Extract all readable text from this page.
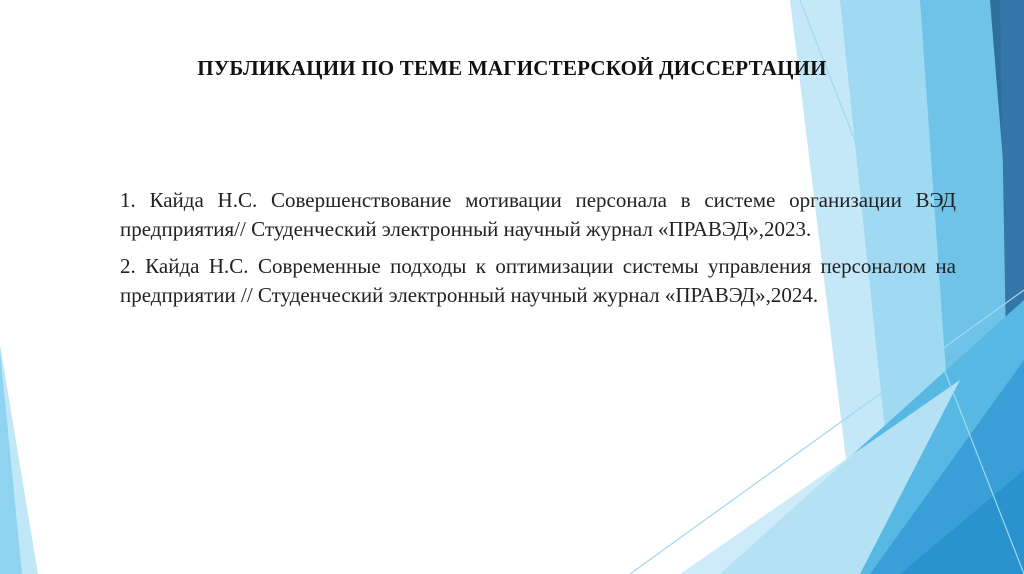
ПУБЛИКАЦИИ ПО ТЕМЕ МАГИСТЕРСКОЙ ДИССЕРТАЦИИ

1. Кайда Н.С. Совершенствование мотивации персонала в системе организации ВЭД предприятия// Студенческий электронный научный журнал «ПРАВЭД»,2023.

2. Кайда Н.С. Современные подходы к оптимизации системы управления персоналом на предприятии // Студенческий электронный научный журнал «ПРАВЭД»,2024.
